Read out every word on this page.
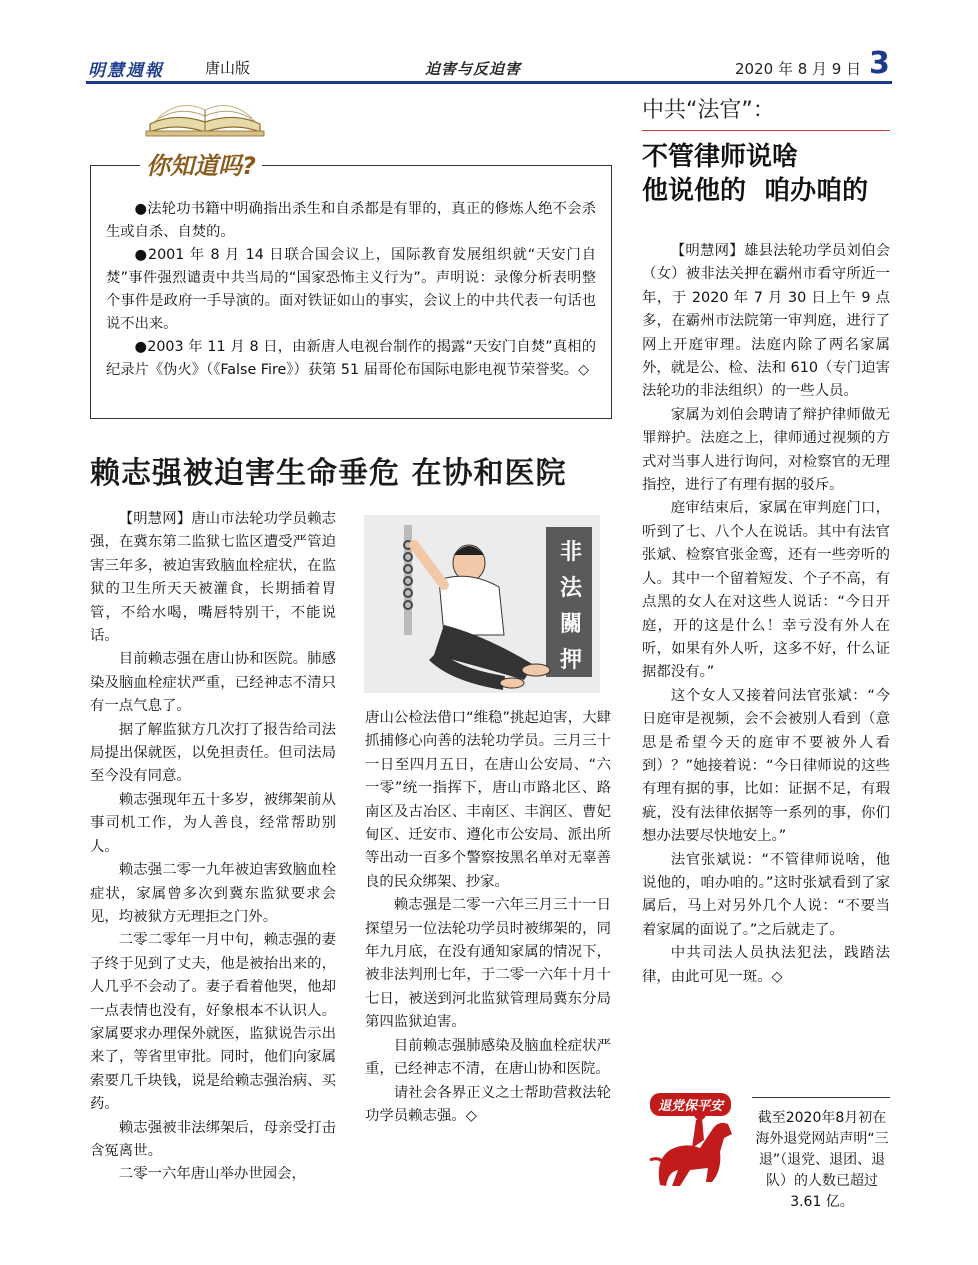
明慧週報	唐山版	迫害与反迫害	2020 年 8 月 9 日 3
你知道吗?

●法轮功书籍中明确指出杀生和自杀都是有罪的，真正的修炼人绝不会杀生或自杀、自焚的。

●2001 年 8 月 14 日联合国会议上，国际教育发展组织就“天安门自焚”事件强烈谴责中共当局的“国家恐怖主义行为”。声明说：录像分析表明整个事件是政府一手导演的。面对铁证如山的事实，会议上的中共代表一句话也说不出来。

●2003 年 11 月 8 日，由新唐人电视台制作的揭露“天安门自焚”真相的纪录片《伪火》（《False Fire》）获第 51 届哥伦布国际电影电视节荣誉奖。◇

赖志强被迫害生命垂危 在协和医院

【明慧网】唐山市法轮功学员赖志强，在冀东第二监狱七监区遭受严管迫害三年多，被迫害致脑血栓症状，在监狱的卫生所天天被灌食，长期插着胃管，不给水喝，嘴唇特别干，不能说话。

目前赖志强在唐山协和医院。肺感染及脑血栓症状严重，已经神志不清只有一点气息了。

据了解监狱方几次打了报告给司法局提出保就医，以免担责任。但司法局至今没有同意。

赖志强现年五十多岁，被绑架前从事司机工作，为人善良，经常帮助别人。

赖志强二零一九年被迫害致脑血栓症状，家属曾多次到冀东监狱要求会见，均被狱方无理拒之门外。

二零二零年一月中旬，赖志强的妻子终于见到了丈夫，他是被抬出来的，人几乎不会动了。妻子看着他哭，他却一点表情也没有，好象根本不认识人。家属要求办理保外就医，监狱说告示出来了，等省里审批。同时，他们向家属索要几千块钱，说是给赖志强治病、买药。

赖志强被非法绑架后，母亲受打击含冤离世。

二零一六年唐山举办世园会，

非法關押

唐山公检法借口“维稳”挑起迫害，大肆抓捕修心向善的法轮功学员。三月三十一日至四月五日，在唐山公安局、“六一零”统一指挥下，唐山市路北区、路南区及古冶区、丰南区、丰润区、曹妃甸区、迁安市、遵化市公安局、派出所等出动一百多个警察按黑名单对无辜善良的民众绑架、抄家。

赖志强是二零一六年三月三十一日探望另一位法轮功学员时被绑架的，同年九月底，在没有通知家属的情况下，被非法判刑七年，于二零一六年十月十七日，被送到河北监狱管理局冀东分局第四监狱迫害。

目前赖志强肺感染及脑血栓症状严重，已经神志不清，在唐山协和医院。

请社会各界正义之士帮助营救法轮功学员赖志强。◇

中共“法官”：
不管律师说啥
他说他的  咱办咱的

【明慧网】雄县法轮功学员刘伯会（女）被非法关押在霸州市看守所近一年，于 2020 年 7 月 30 日上午 9 点多，在霸州市法院第一审判庭，进行了网上开庭审理。法庭内除了两名家属外，就是公、检、法和 610（专门迫害法轮功的非法组织）的一些人员。

家属为刘伯会聘请了辩护律师做无罪辩护。法庭之上，律师通过视频的方式对当事人进行询问，对检察官的无理指控，进行了有理有据的驳斥。

庭审结束后，家属在审判庭门口，听到了七、八个人在说话。其中有法官张斌、检察官张金鸾，还有一些旁听的人。其中一个留着短发、个子不高，有点黑的女人在对这些人说话：“今日开庭，开的这是什么！幸亏没有外人在听，如果有外人听，这多不好，什么证据都没有。”

这个女人又接着问法官张斌：“今日庭审是视频，会不会被别人看到（意思是希望今天的庭审不要被外人看到）？”她接着说：“今日律师说的这些有理有据的事，比如：证据不足，有瑕疵，没有法律依据等一系列的事，你们想办法要尽快地安上。”

法官张斌说：“不管律师说啥，他说他的，咱办咱的。”这时张斌看到了家属后，马上对另外几个人说：“不要当着家属的面说了。”之后就走了。

中共司法人员执法犯法，践踏法律，由此可见一斑。◇

退党保平安
截至2020年8月初在海外退党网站声明“三退”（退党、退团、退队）的人数已超过 3.61 亿。
